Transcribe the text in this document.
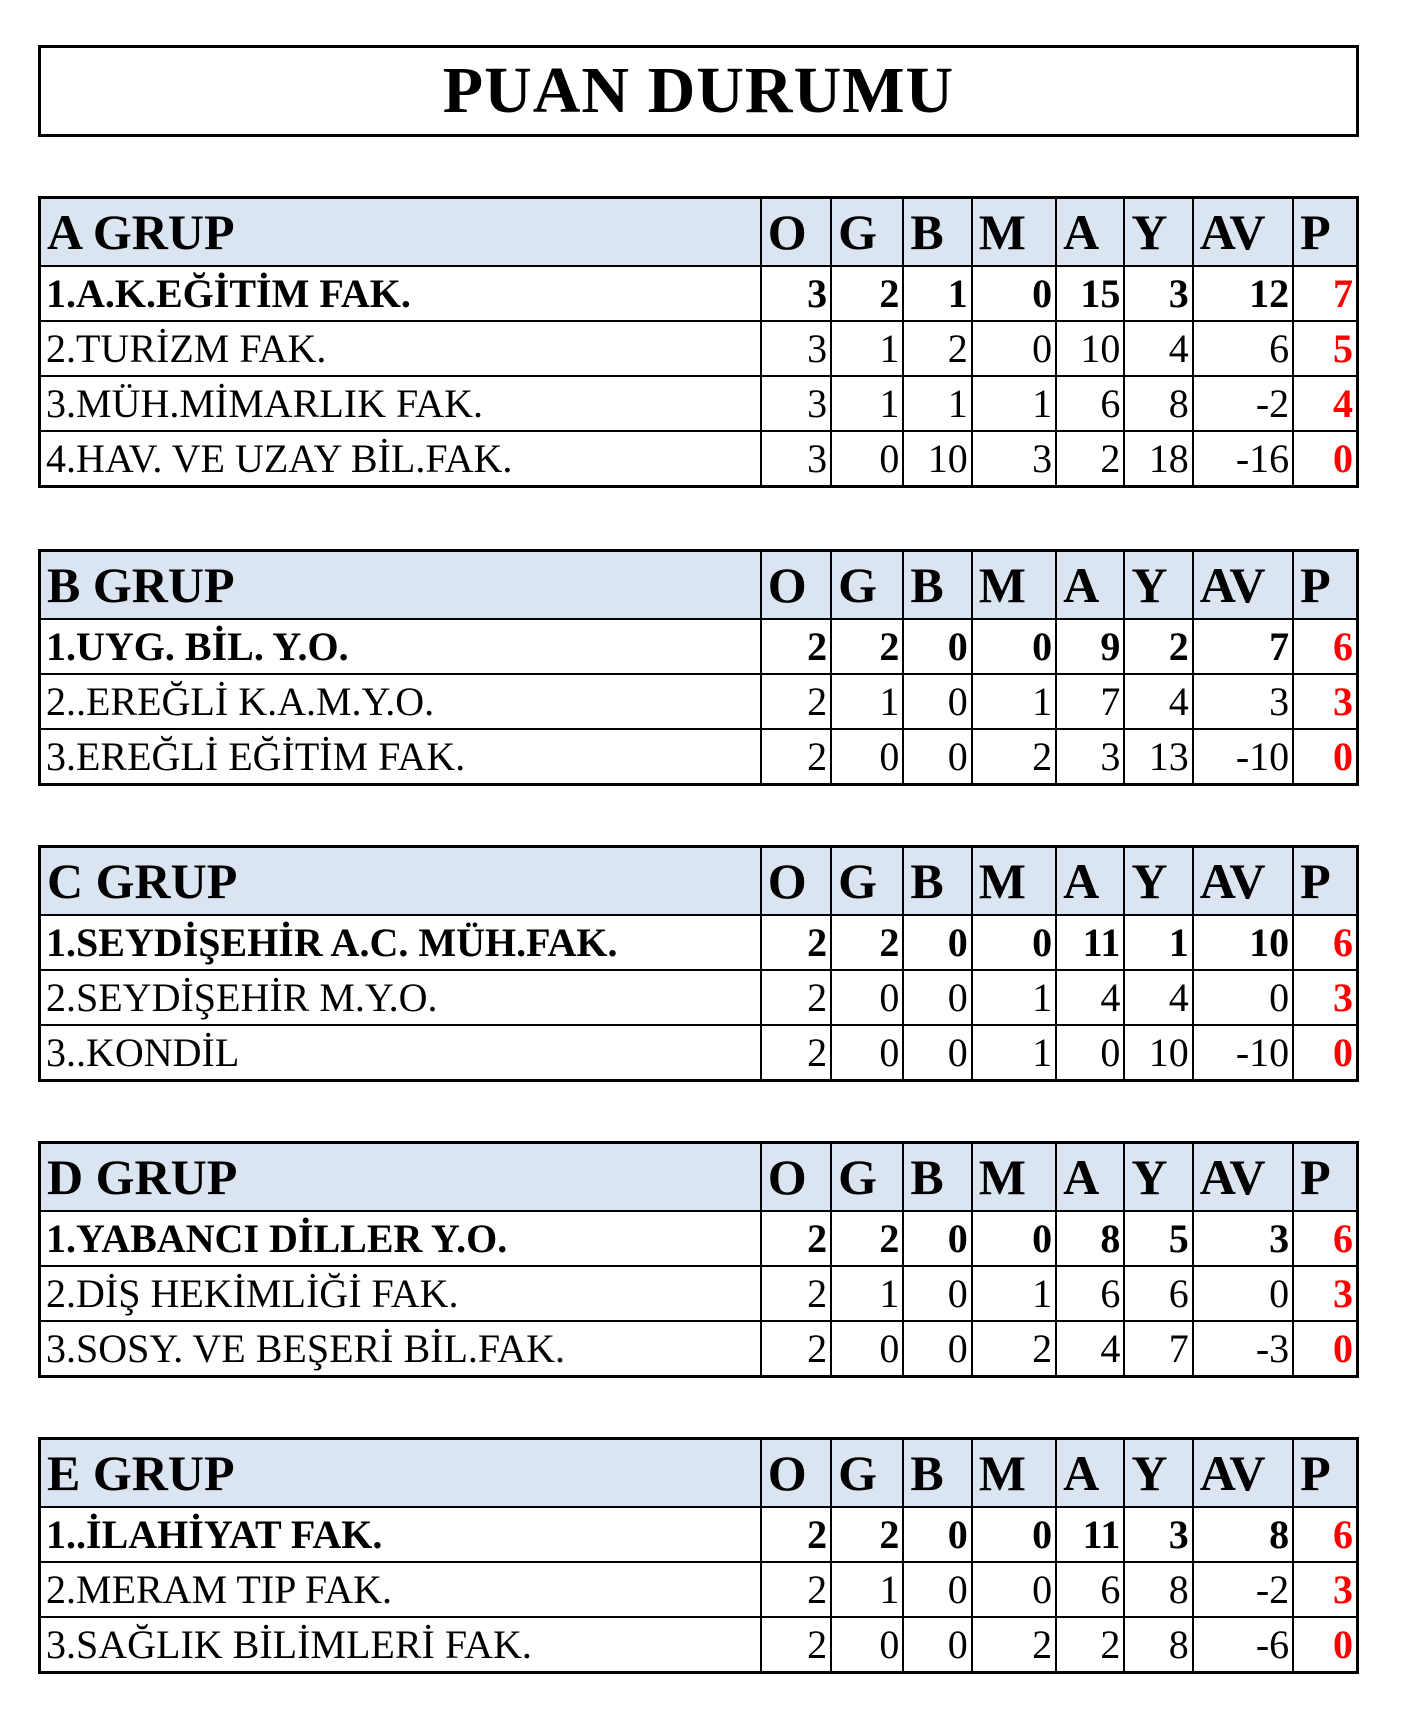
PUAN DURUMU
A GRUP	O	G	B	M	A	Y	AV	P
1.A.K.EĞİTİM FAK.	3	2	1	0	15	3	12	7
2.TURİZM FAK.	3	1	2	0	10	4	6	5
3.MÜH.MİMARLIK FAK.	3	1	1	1	6	8	-2	4
4.HAV. VE UZAY BİL.FAK.	3	0	10	3	2	18	-16	0
B GRUP	O	G	B	M	A	Y	AV	P
1.UYG. BİL. Y.O.	2	2	0	0	9	2	7	6
2..EREĞLİ K.A.M.Y.O.	2	1	0	1	7	4	3	3
3.EREĞLİ EĞİTİM FAK.	2	0	0	2	3	13	-10	0
C GRUP	O	G	B	M	A	Y	AV	P
1.SEYDİŞEHİR A.C. MÜH.FAK.	2	2	0	0	11	1	10	6
2.SEYDİŞEHİR M.Y.O.	2	0	0	1	4	4	0	3
3..KONDİL	2	0	0	1	0	10	-10	0
D GRUP	O	G	B	M	A	Y	AV	P
1.YABANCI DİLLER Y.O.	2	2	0	0	8	5	3	6
2.DİŞ HEKİMLİĞİ FAK.	2	1	0	1	6	6	0	3
3.SOSY. VE BEŞERİ BİL.FAK.	2	0	0	2	4	7	-3	0
E GRUP	O	G	B	M	A	Y	AV	P
1..İLAHİYAT FAK.	2	2	0	0	11	3	8	6
2.MERAM TIP FAK.	2	1	0	0	6	8	-2	3
3.SAĞLIK BİLİMLERİ FAK.	2	0	0	2	2	8	-6	0
